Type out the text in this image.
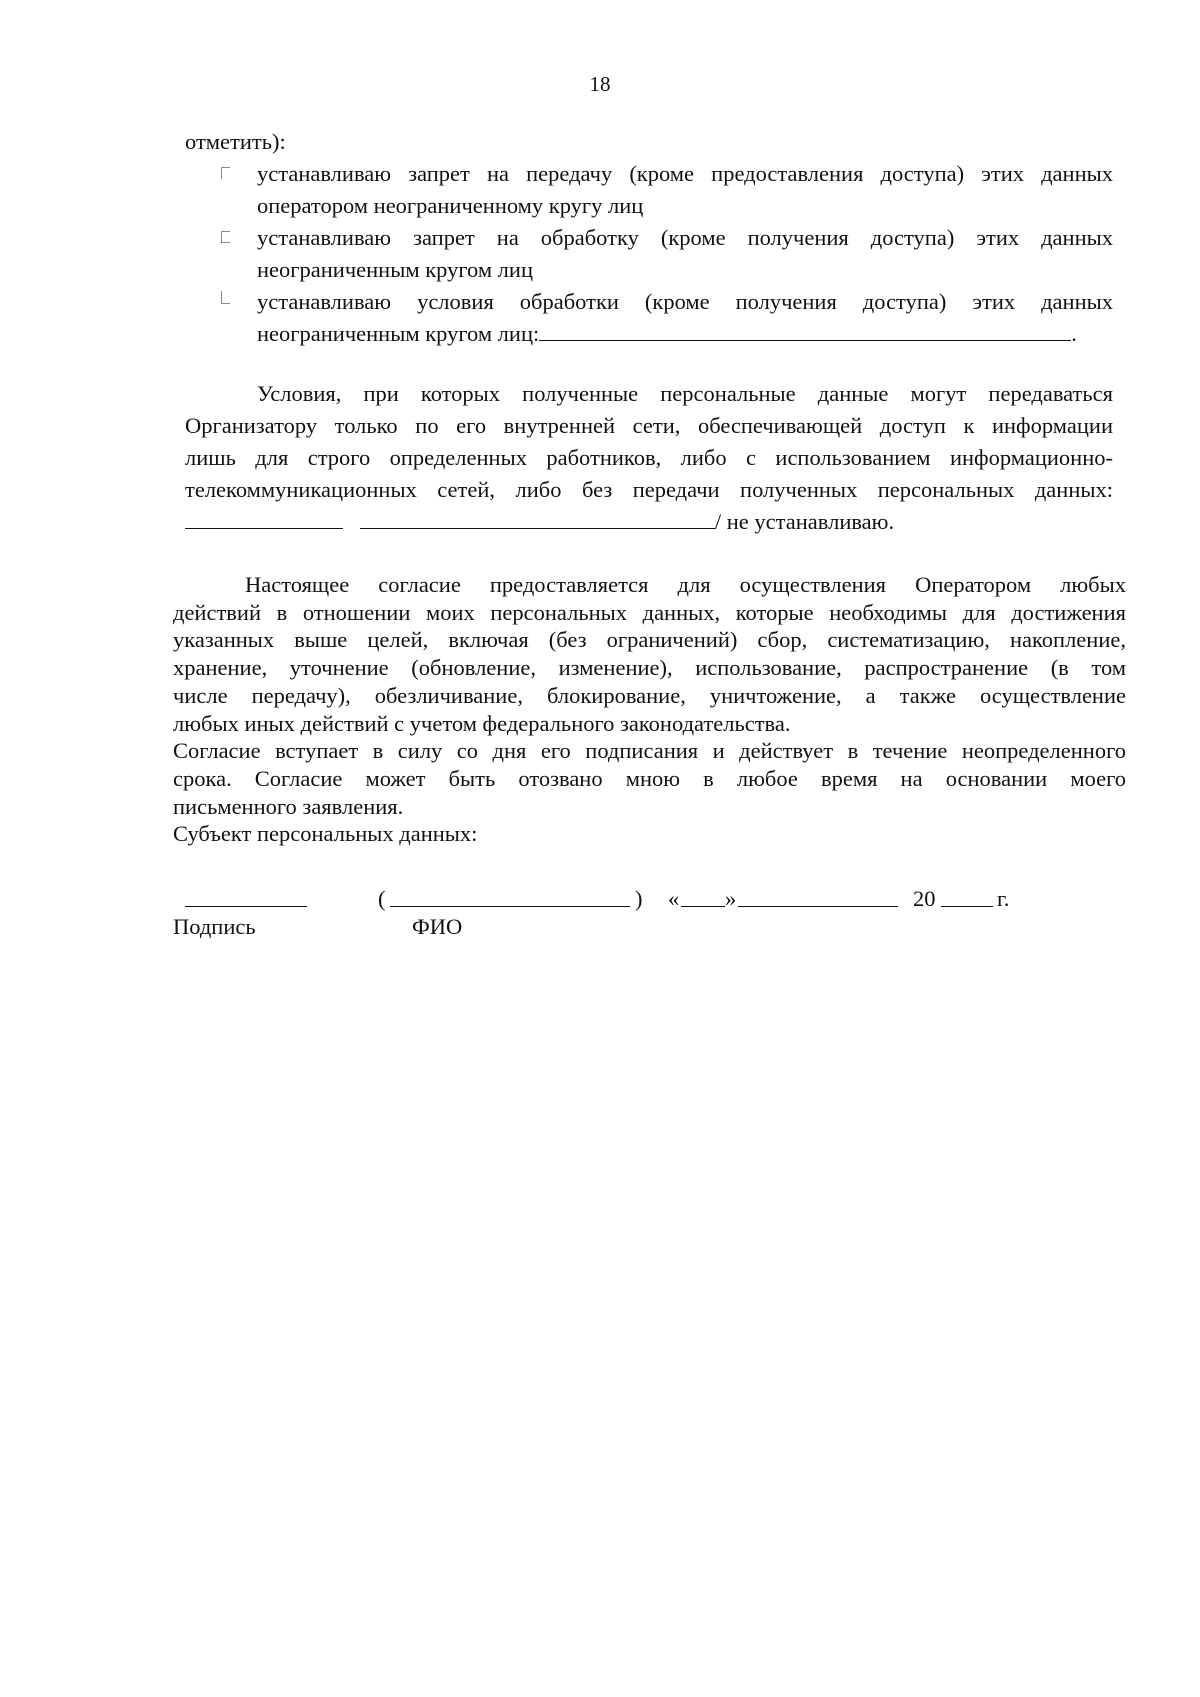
18
отметить):
устанавливаю запрет на передачу (кроме предоставления доступа) этих данных
оператором неограниченному кругу лиц
устанавливаю запрет на обработку (кроме получения доступа) этих данных
неограниченным кругом лиц
устанавливаю условия обработки (кроме получения доступа) этих данных
неограниченным кругом лиц:	.
Условия, при которых полученные персональные данные могут передаваться
Организатору только по его внутренней сети, обеспечивающей доступ к информации
лишь для строго определенных работников, либо с использованием информационно-
телекоммуникационных сетей, либо без передачи полученных персональных данных:
/ не устанавливаю.
Настоящее согласие предоставляется для осуществления Оператором любых
действий в отношении моих персональных данных, которые необходимы для достижения
указанных выше целей, включая (без ограничений) сбор, систематизацию, накопление,
хранение, уточнение (обновление, изменение), использование, распространение (в том
числе передачу), обезличивание, блокирование, уничтожение, а также осуществление
любых иных действий с учетом федерального законодательства.
Согласие вступает в силу со дня его подписания и действует в течение неопределенного
срока. Согласие может быть отозвано мною в любое время на основании моего
письменного заявления.
Субъект персональных данных:
(	) « »	20	г.
Подпись	ФИО
